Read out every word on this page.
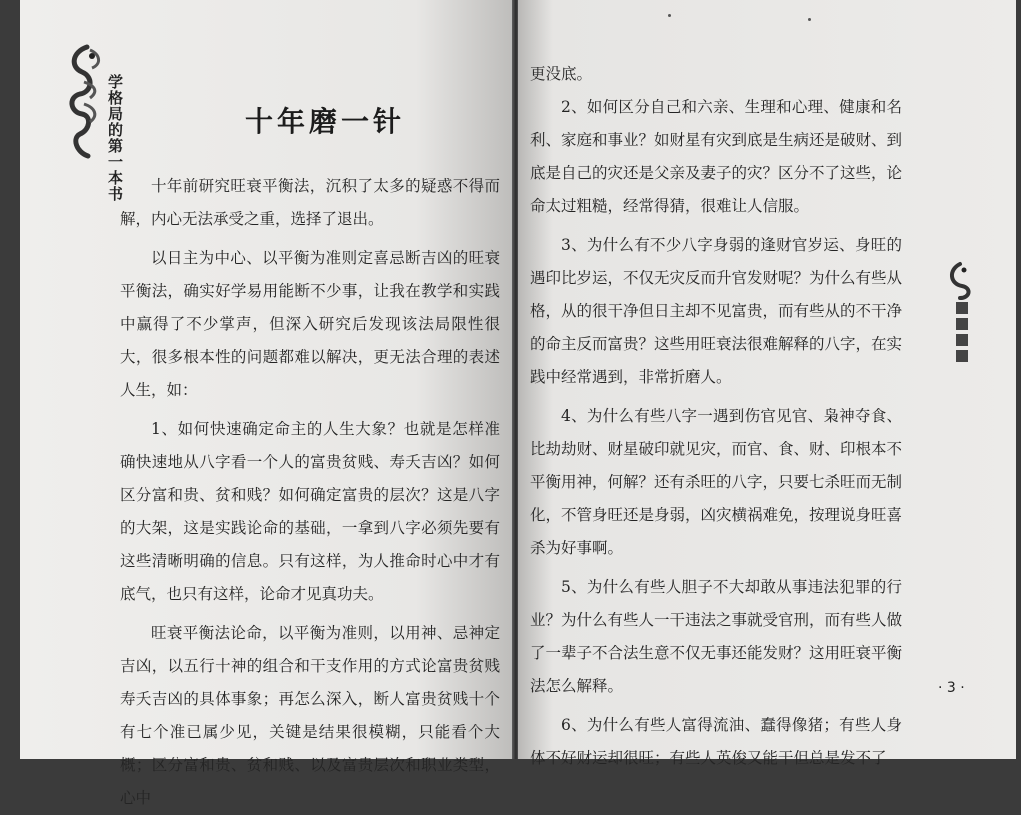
学格局的第一本书	十年磨一针

十年前研究旺衰平衡法，沉积了太多的疑惑不得而解，内心无法承受之重，选择了退出。

以日主为中心、以平衡为准则定喜忌断吉凶的旺衰平衡法，确实好学易用能断不少事，让我在教学和实践中赢得了不少掌声，但深入研究后发现该法局限性很大，很多根本性的问题都难以解决，更无法合理的表述人生，如：

1、如何快速确定命主的人生大象？也就是怎样准确快速地从八字看一个人的富贵贫贱、寿夭吉凶？如何区分富和贵、贫和贱？如何确定富贵的层次？这是八字的大架，这是实践论命的基础，一拿到八字必须先要有这些清晰明确的信息。只有这样，为人推命时心中才有底气，也只有这样，论命才见真功夫。

旺衰平衡法论命，以平衡为准则，以用神、忌神定吉凶，以五行十神的组合和干支作用的方式论富贵贫贱寿夭吉凶的具体事象；再怎么深入，断人富贵贫贱十个有七个准已属少见，关键是结果很模糊，只能看个大概；区分富和贵、贫和贱、以及富贵层次和职业类型，心中

更没底。

2、如何区分自己和六亲、生理和心理、健康和名利、家庭和事业？如财星有灾到底是生病还是破财、到底是自己的灾还是父亲及妻子的灾？区分不了这些，论命太过粗糙，经常得猜，很难让人信服。

3、为什么有不少八字身弱的逢财官岁运、身旺的遇印比岁运，不仅无灾反而升官发财呢？为什么有些从格，从的很干净但日主却不见富贵，而有些从的不干净的命主反而富贵？这些用旺衰法很难解释的八字，在实践中经常遇到，非常折磨人。

4、为什么有些八字一遇到伤官见官、枭神夺食、比劫劫财、财星破印就见灾，而官、食、财、印根本不平衡用神，何解？还有杀旺的八字，只要七杀旺而无制化，不管身旺还是身弱，凶灾横祸难免，按理说身旺喜杀为好事啊。

5、为什么有些人胆子不大却敢从事违法犯罪的行业？为什么有些人一干违法之事就受官刑，而有些人做了一辈子不合法生意不仅无事还能发财？这用旺衰平衡法怎么解释。

6、为什么有些人富得流油、蠢得像猪；有些人身体不好财运却很旺；有些人英俊又能干但总是发不了

· 3 ·
